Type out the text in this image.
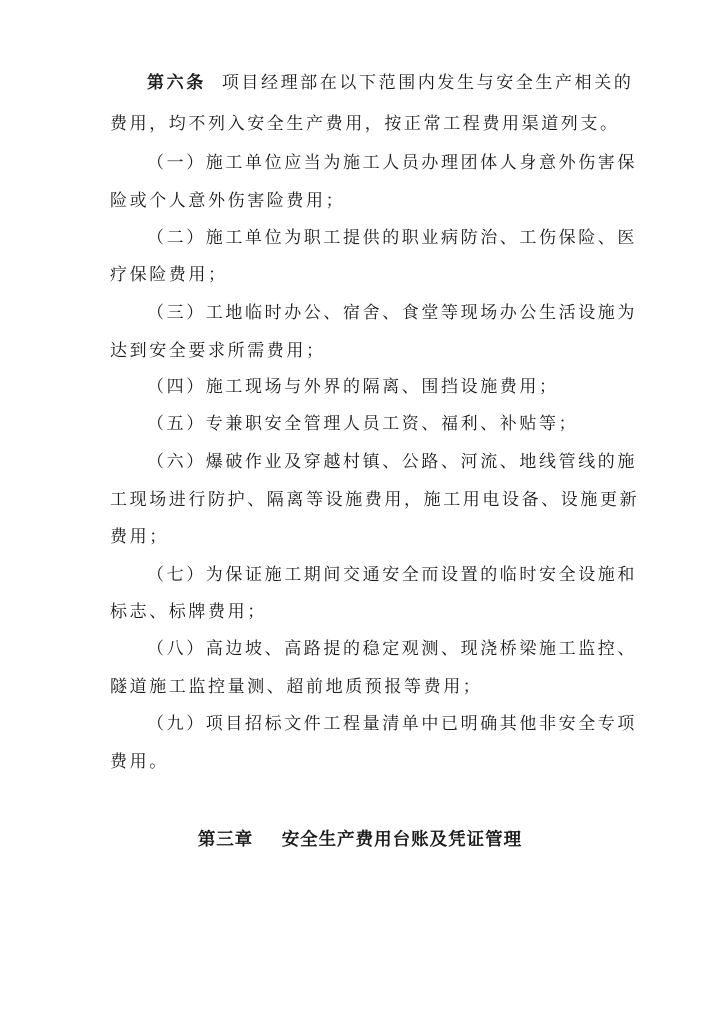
第六条 项目经理部在以下范围内发生与安全生产相关的
费用，均不列入安全生产费用，按正常工程费用渠道列支。
（一）施工单位应当为施工人员办理团体人身意外伤害保
险或个人意外伤害险费用；
（二）施工单位为职工提供的职业病防治、工伤保险、医
疗保险费用；
（三）工地临时办公、宿舍、食堂等现场办公生活设施为
达到安全要求所需费用；
（四）施工现场与外界的隔离、围挡设施费用；
（五）专兼职安全管理人员工资、福利、补贴等；
（六）爆破作业及穿越村镇、公路、河流、地线管线的施
工现场进行防护、隔离等设施费用，施工用电设备、设施更新
费用；
（七）为保证施工期间交通安全而设置的临时安全设施和
标志、标牌费用；
（八）高边坡、高路提的稳定观测、现浇桥梁施工监控、
隧道施工监控量测、超前地质预报等费用；
（九）项目招标文件工程量清单中已明确其他非安全专项
费用。
第三章 安全生产费用台账及凭证管理
